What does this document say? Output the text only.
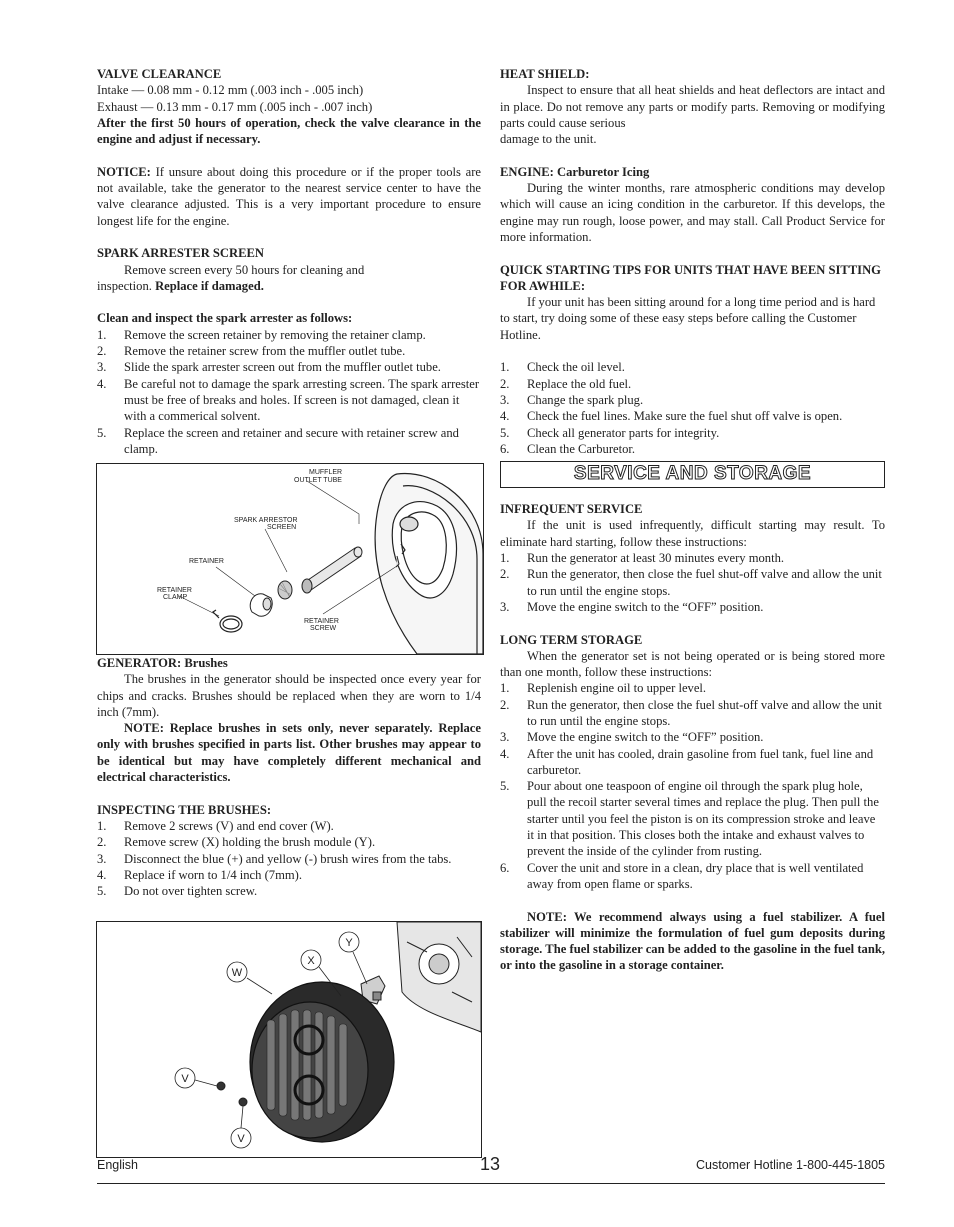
VALVE CLEARANCE

Intake — 0.08 mm - 0.12 mm (.003 inch - .005 inch)

Exhaust — 0.13 mm - 0.17 mm (.005 inch - .007 inch)

After the first 50 hours of operation, check the valve clearance in the engine and adjust if necessary.

NOTICE: If unsure about doing this procedure or if the proper tools are not available, take the generator to the nearest service center to have the valve clearance adjusted. This is a very important procedure to ensure longest life for the engine.

SPARK ARRESTER SCREEN

Remove screen every 50 hours for cleaning and inspection. Replace if damaged.

Clean and inspect the spark arrester as follows:

1. Remove the screen retainer by removing the retainer clamp.
2. Remove the retainer screw from the muffler outlet tube.
3. Slide the spark arrester screen out from the muffler outlet tube.
4. Be careful not to damage the spark arresting screen. The spark arrester must be free of breaks and holes. If screen is not damaged, clean it with a commerical solvent.
5. Replace the screen and retainer and secure with retainer screw and clamp.
MUFFLER
OUTLET TUBE
SPARK ARRESTOR
SCREEN
RETAINER
RETAINER
CLAMP
RETAINER
SCREW

GENERATOR: Brushes

The brushes in the generator should be inspected once every year for chips and cracks. Brushes should be replaced when they are worn to 1/4 inch (7mm).

NOTE: Replace brushes in sets only, never separately. Replace only with brushes specified in parts list. Other brushes may appear to be identical but may have completely different mechanical and electrical characteristics.

INSPECTING THE BRUSHES:

1. Remove 2 screws (V) and end cover (W).
2. Remove screw (X) holding the brush module (Y).
3. Disconnect the blue (+) and yellow (-) brush wires from the tabs.
4. Replace if worn to 1/4 inch (7mm).
5. Do not over tighten screw.
W
X
Y
V
V

HEAT SHIELD:

Inspect to ensure that all heat shields and heat deflectors are intact and in place. Do not remove any parts or modify parts. Removing or modifying parts could cause serious

damage to the unit.

ENGINE: Carburetor Icing

During the winter months, rare atmospheric conditions may develop which will cause an icing condition in the carburetor. If this develops, the engine may run rough, loose power, and may stall. Call Product Service for more information.

QUICK STARTING TIPS FOR UNITS THAT HAVE BEEN SITTING FOR AWHILE:

If your unit has been sitting around for a long time period and is hard to start, try doing some of these easy steps before calling the Customer Hotline.

1. Check the oil level.
2. Replace the old fuel.
3. Change the spark plug.
4. Check the fuel lines. Make sure the fuel shut off valve is open.
5. Check all generator parts for integrity.
6. Clean the Carburetor.
SERVICE AND STORAGE

INFREQUENT SERVICE

If the unit is used infrequently, difficult starting may result. To eliminate hard starting, follow these instructions:

1. Run the generator at least 30 minutes every month.
2. Run the generator, then close the fuel shut-off valve and allow the unit to run until the engine stops.
3. Move the engine switch to the “OFF” position.

LONG TERM STORAGE

When the generator set is not being operated or is being stored more than one month, follow these instructions:

1. Replenish engine oil to upper level.
2. Run the generator, then close the fuel shut-off valve and allow the unit to run until the engine stops.
3. Move the engine switch to the “OFF” position.
4. After the unit has cooled, drain gasoline from fuel tank, fuel line and carburetor.
5. Pour about one teaspoon of engine oil through the spark plug hole, pull the recoil starter several times and replace the plug. Then pull the starter until you feel the piston is on its compression stroke and leave it in that position. This closes both the intake and exhaust valves to prevent the inside of the cylinder from rusting.
6. Cover the unit and store in a clean, dry place that is well ventilated away from open flame or sparks.

NOTE: We recommend always using a fuel stabilizer. A fuel stabilizer will minimize the formulation of fuel gum deposits during storage. The fuel stabilizer can be added to the gasoline in the fuel tank, or into the gasoline in a storage container.

English	13	Customer Hotline 1-800-445-1805
